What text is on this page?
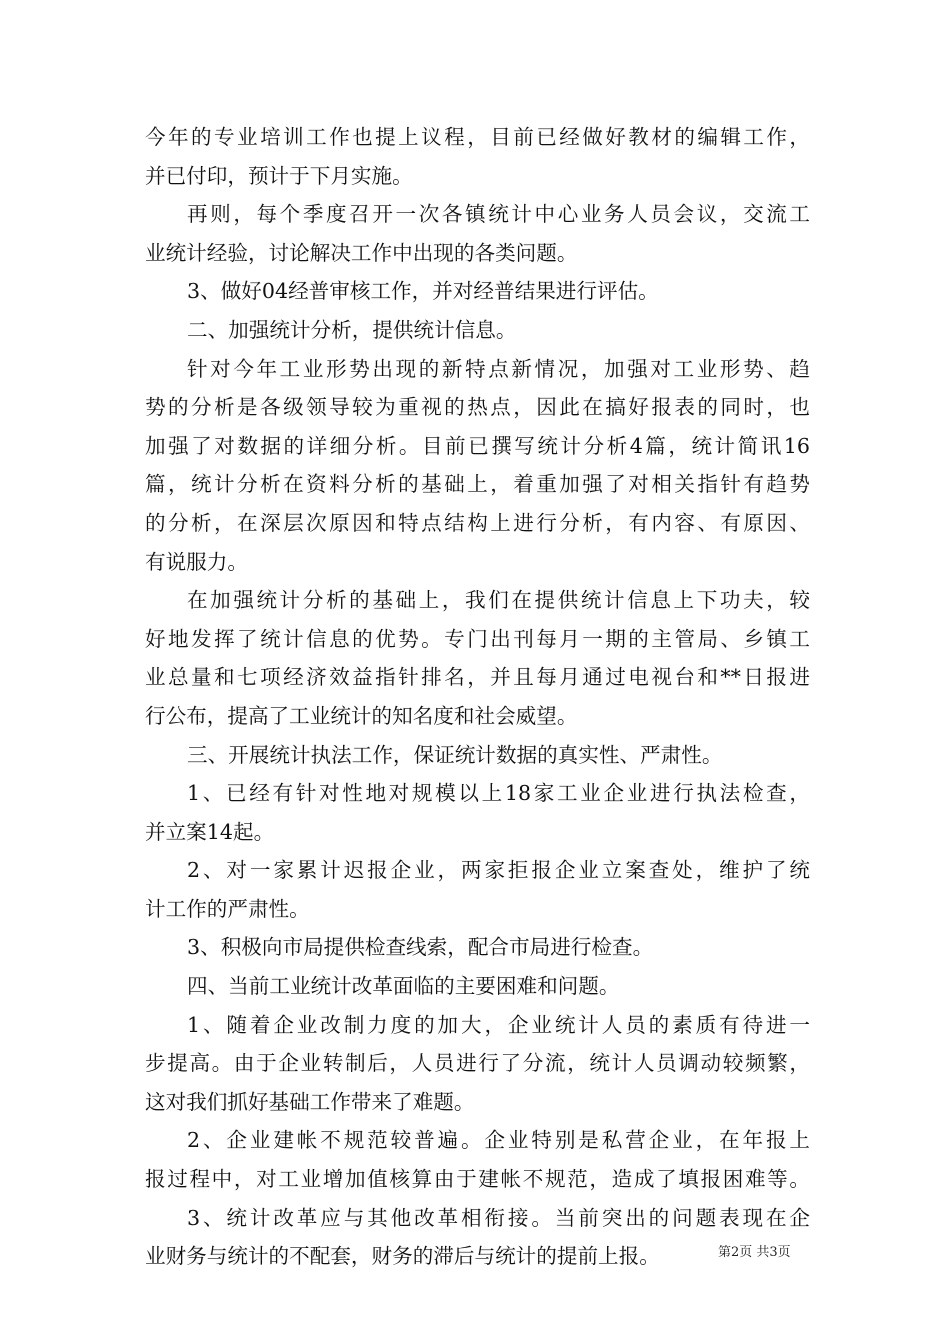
今年的专业培训工作也提上议程，目前已经做好教材的编辑工作，
并已付印，预计于下月实施。
再则，每个季度召开一次各镇统计中心业务人员会议，交流工
业统计经验，讨论解决工作中出现的各类问题。
3、做好04经普审核工作，并对经普结果进行评估。
二、加强统计分析，提供统计信息。
针对今年工业形势出现的新特点新情况，加强对工业形势、趋
势的分析是各级领导较为重视的热点，因此在搞好报表的同时，也
加强了对数据的详细分析。目前已撰写统计分析4篇，统计简讯16
篇，统计分析在资料分析的基础上，着重加强了对相关指针有趋势
的分析，在深层次原因和特点结构上进行分析，有内容、有原因、
有说服力。
在加强统计分析的基础上，我们在提供统计信息上下功夫，较
好地发挥了统计信息的优势。专门出刊每月一期的主管局、乡镇工
业总量和七项经济效益指针排名，并且每月通过电视台和**日报进
行公布，提高了工业统计的知名度和社会威望。
三、开展统计执法工作，保证统计数据的真实性、严肃性。
1、已经有针对性地对规模以上18家工业企业进行执法检查，
并立案14起。
2、对一家累计迟报企业，两家拒报企业立案查处，维护了统
计工作的严肃性。
3、积极向市局提供检查线索，配合市局进行检查。
四、当前工业统计改革面临的主要困难和问题。
1、随着企业改制力度的加大，企业统计人员的素质有待进一
步提高。由于企业转制后，人员进行了分流，统计人员调动较频繁，
这对我们抓好基础工作带来了难题。
2、企业建帐不规范较普遍。企业特别是私营企业，在年报上
报过程中，对工业增加值核算由于建帐不规范，造成了填报困难等。
3、统计改革应与其他改革相衔接。当前突出的问题表现在企
业财务与统计的不配套，财务的滞后与统计的提前上报。	第2页 共3页
